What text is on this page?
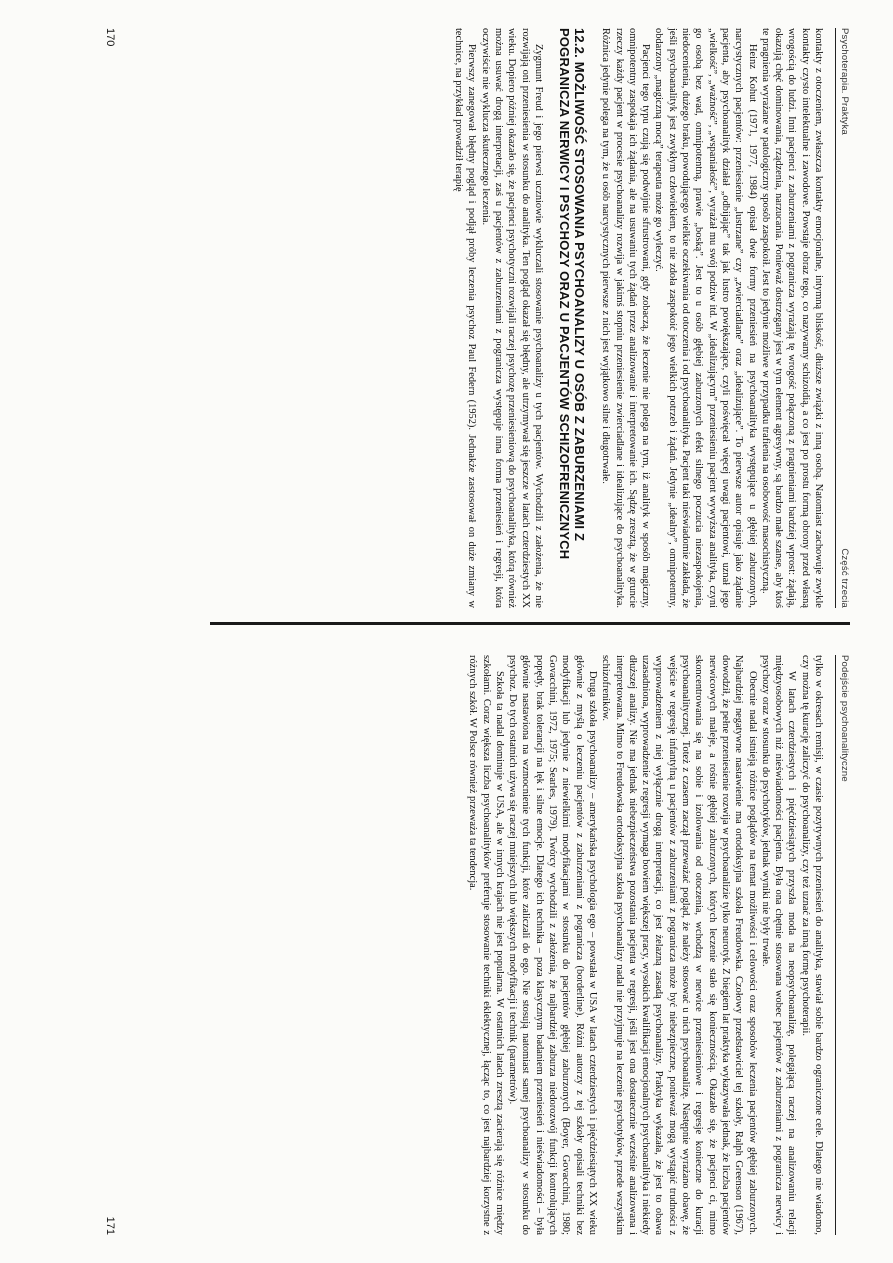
Psychoterapia. Praktyka
Część trzecia

kontakty z otoczeniem, zwłaszcza kontakty emocjonalne, intymną bliskość, dłuższe związki z inną osobą. Natomiast zachowuje zwykle kontakty czysto intelektualne i zawodowe. Powstaje obraz tego, co nazywamy schizoidią, a co jest po prostu formą obrony przed własną wrogością do ludzi. Inni pacjenci z zaburzeniami z pogranicza wyrażają tę wrogość połączoną z pragnieniami bardziej wprost: żądają, okazują chęć dominowania, rządzenia, narzucania. Ponieważ dostrzegany jest w tym element agresywny, są bardzo małe szanse, aby ktoś te pragnienia wyrażane w patologiczny sposób zaspokoił. Jest to jedynie możliwe w przypadku trafienia na osobowość masochistyczną.

Heinz Kohut (1971, 1977, 1984) opisał dwie formy przeniesień na psychoanalityka występujące u głębiej zaburzonych, narcystycznych pacjentów: przeniesienie „lustrzane” czy „zwierciadlane” oraz „idealizujące”. To pierwsze autor opisuje jako żądanie pacjenta, aby psychoanalityk działał „odbijając” tak jak lustro powiększające, czyli poświęcał więcej uwagi pacjentowi, uznał jego „wielkość”, „ważność”, „wspaniałość”, wyrażał mu swój podziw itd. W „idealizującym” przeniesieniu pacjent wywyższa analityka, czyni go osobą bez wad, omnipotentną, prawie „boską”. Jest to u osób głębiej zaburzonych efekt silnego poczucia niezaspokojenia, niedocenienia, dużego braku, powodującego wielkie oczekiwania od otoczenia i od psychoanalityka. Pacjent taki nieświadomie zakłada, że jeśli psychoanalityk jest zwykłym człowiekiem, to nie zdoła zaspokoić jego wielkich potrzeb i żądań. Jedynie „idealny”, omnipotentny, obdarzony „magiczną mocą” terapeuta może go wyleczyć.

Pacjenci tego typu czują się podwójnie sfrustrowani, gdy zobaczą, że leczenie nie polega na tym, iż analityk w sposób magiczny, omnipotentny zaspokaja ich żądania, ale na usuwaniu tych żądań przez analizowanie i interpretowanie ich. Sądzę zresztą, że w gruncie rzeczy każdy pacjent w procesie psychoanalizy rozwija w jakimś stopniu przeniesienie zwierciadlane i idealizujące do psychoanalityka. Różnica jedynie polega na tym, że u osób narcystycznych pierwsze z nich jest wyjątkowo silne i długotrwałe.

12.2. MOŻLIWOŚĆ STOSOWANIA PSYCHOANALIZY U OSÓB Z ZABURZENIAMI Z POGRANICZA NERWICY I PSYCHOZY ORAZ U PACJENTÓW SCHIZOFRENICZNYCH

Zygmunt Freud i jego pierwsi uczniowie wykluczali stosowanie psychoanalizy u tych pacjentów. Wychodzili z założenia, że nie rozwijają oni przeniesienia w stosunku do analityka. Ten pogląd okazał się błędny, ale utrzymywał się jeszcze w latach czterdziestych XX wieku. Dopiero później okazało się, że pacjenci psychotyczni rozwijali raczej psychozę przeniesieniową do psychoanalityka, którą również można usuwać drogą interpretacji, zaś u pacjentów z zaburzeniami z pogranicza występuje inna forma przeniesień i regresji, która oczywiście nie wyklucza skutecznego leczenia.

Pierwszy zanegował błędny pogląd i podjął próby leczenia psychoz Paul Federn (1952). Jednakże zastosował on duże zmiany w technice, na przykład prowadził terapię

170
Podejście psychoanalityczne

tylko w okresach remisji, w czasie pozytywnych przeniesień do analityka, stawiał sobie bardzo ograniczone cele. Dlatego nie wiadomo, czy można tę kurację zaliczyć do psychoanalizy, czy też uznać za inną formę psychoterapii.

W latach czterdziestych i pięćdziesiątych przyszła moda na neopsychoanalizę, polegającą raczej na analizowaniu relacji międzyosobowych niż nieświadomości pacjenta. Była ona chętnie stosowana wobec pacjentów z zaburzeniami z pogranicza nerwicy i psychozy oraz w stosunku do psychotyków, jednak wyniki nie były trwałe.

Obecnie nadal istnieją różnice poglądów na temat możliwości i celowości oraz sposobów leczenia pacjentów głębiej zaburzonych. Najbardziej negatywne nastawienie ma ortodoksyjna szkoła Freudowska. Czołowy przedstawiciel tej szkoły, Ralph Greenson (1967), dowodził, że pełne przeniesienie rozwija w psychoanalizie tylko neurotyk. Z biegiem lat praktyka wykazywała jednak, że liczba pacjentów nerwicowych maleje, a rośnie głębiej zaburzonych, których leczenie stało się koniecznością. Okazało się, że pacjenci ci, mimo skoncentrowania się na sobie i izolowania od otoczenia, wchodzą w nerwice przeniesieniowe i regresje konieczne do kuracji psychoanalitycznej. Toteż z czasem zaczął przeważać pogląd, że należy stosować u nich psychoanalizę. Następnie wyrażano obawę, że wejście w regresję infantylną u pacjentów z zaburzeniami z pogranicza może być niebezpieczne, ponieważ mogą wystąpić trudności z wyprowadzeniem z niej wyłącznie drogą interpretacji, co jest żelazną zasadą psychoanalizy. Praktyka wykazała, że jest to obawa uzasadniona, wyprowadzenie z regresji wymaga bowiem większej pracy, wysokich kwalifikacji emocjonalnych psychoanalityka i niekiedy dłuższej analizy. Nie ma jednak niebezpieczeństwa pozostania pacjenta w regresji, jeśli jest ona dostatecznie wcześnie analizowana i interpretowana. Mimo to Freudowska ortodoksyjna szkoła psychoanalizy nadal nie przyjmuje na leczenie psychotyków, przede wszystkim schizofreników.

Druga szkoła psychoanalizy – amerykańska psychologia ego – powstała w USA w latach czterdziestych i pięćdziesiątych XX wieku głównie z myślą o leczeniu pacjentów z zaburzeniami z pogranicza (borderline). Różni autorzy z tej szkoły opisali techniki bez modyfikacji lub jedynie z niewielkimi modyfikacjami w stosunku do pacjentów głębiej zaburzonych (Boyer, Govacchini, 1980; Govacchini, 1972, 1975; Searles, 1979). Twórcy wychodzili z założenia, że najbardziej zaburza niedorozwój funkcji kontrolujących popędy, brak tolerancji na lęk i silne emocje. Dlatego ich technika – poza klasycznym badaniem przeniesień i nieświadomości – była głównie nastawiona na wzmocnienie tych funkcji, które zaliczali do ego. Nie stosują natomiast samej psychoanalizy w stosunku do psychoz. Do tych ostatnich używa się raczej mniejszych lub większych modyfikacji i technik (parametrów).

Szkoła ta nadal dominuje w USA, ale w innych krajach nie jest popularna. W ostatnich latach zresztą zacierają się różnice między szkołami. Coraz większa liczba psychoanalityków preferuje stosowanie techniki eklektycznej, łącząc to, co jest najbardziej korzystne z różnych szkół. W Polsce również przeważa ta tendencja.

171
